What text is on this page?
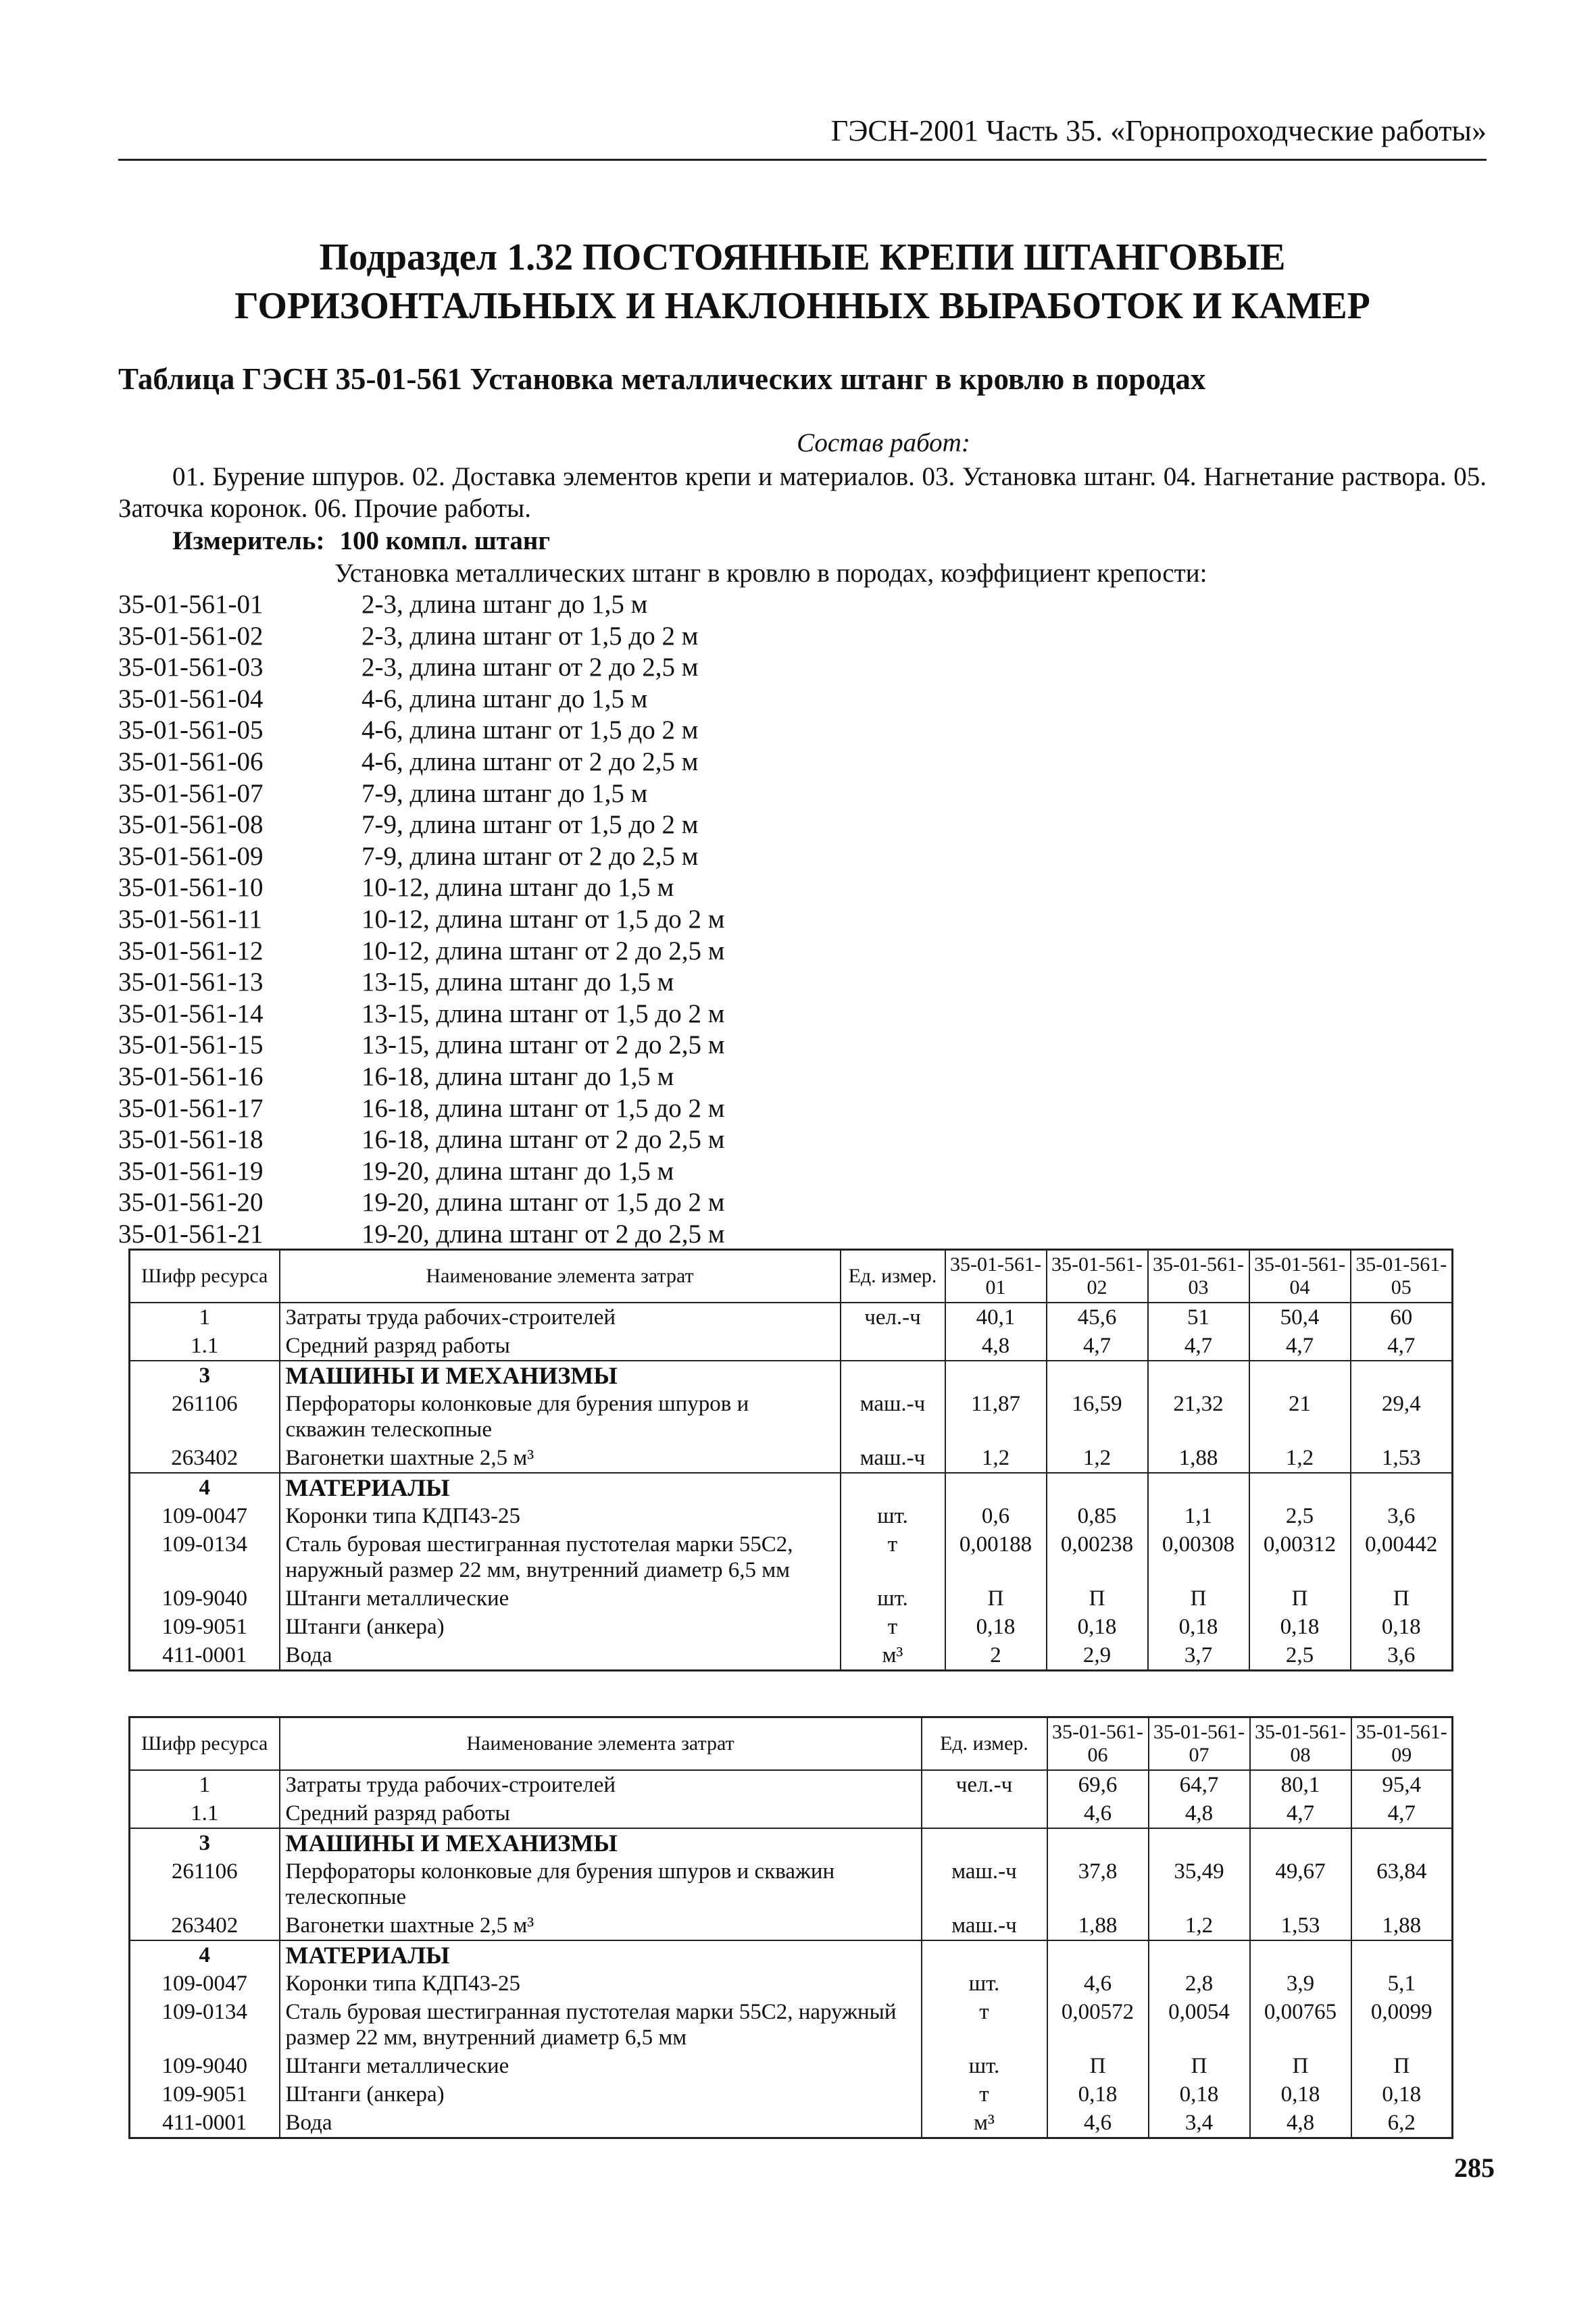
ГЭСН-2001 Часть 35. «Горнопроходческие работы»
Подраздел 1.32 ПОСТОЯННЫЕ КРЕПИ ШТАНГОВЫЕ
ГОРИЗОНТАЛЬНЫХ И НАКЛОННЫХ ВЫРАБОТОК И КАМЕР
Таблица ГЭСН 35-01-561 Установка металлических штанг в кровлю в породах
Состав работ:
01. Бурение шпуров. 02. Доставка элементов крепи и материалов. 03. Установка штанг. 04. Нагнетание раствора. 05. Заточка коронок. 06. Прочие работы.
Измеритель: 100 компл. штанг
Установка металлических штанг в кровлю в породах, коэффициент крепости:
35-01-561-01	2-3, длина штанг до 1,5 м
35-01-561-02	2-3, длина штанг от 1,5 до 2 м
35-01-561-03	2-3, длина штанг от 2 до 2,5 м
35-01-561-04	4-6, длина штанг до 1,5 м
35-01-561-05	4-6, длина штанг от 1,5 до 2 м
35-01-561-06	4-6, длина штанг от 2 до 2,5 м
35-01-561-07	7-9, длина штанг до 1,5 м
35-01-561-08	7-9, длина штанг от 1,5 до 2 м
35-01-561-09	7-9, длина штанг от 2 до 2,5 м
35-01-561-10	10-12, длина штанг до 1,5 м
35-01-561-11	10-12, длина штанг от 1,5 до 2 м
35-01-561-12	10-12, длина штанг от 2 до 2,5 м
35-01-561-13	13-15, длина штанг до 1,5 м
35-01-561-14	13-15, длина штанг от 1,5 до 2 м
35-01-561-15	13-15, длина штанг от 2 до 2,5 м
35-01-561-16	16-18, длина штанг до 1,5 м
35-01-561-17	16-18, длина штанг от 1,5 до 2 м
35-01-561-18	16-18, длина штанг от 2 до 2,5 м
35-01-561-19	19-20, длина штанг до 1,5 м
35-01-561-20	19-20, длина штанг от 1,5 до 2 м
35-01-561-21	19-20, длина штанг от 2 до 2,5 м
Шифр ресурса	Наименование элемента затрат	Ед. измер.	35-01-561-01	35-01-561-02	35-01-561-03	35-01-561-04	35-01-561-05
1	Затраты труда рабочих-строителей	чел.-ч	40,1	45,6	51	50,4	60
1.1	Средний разряд работы		4,8	4,7	4,7	4,7	4,7
3	МАШИНЫ И МЕХАНИЗМЫ						
261106	Перфораторы колонковые для бурения шпуров и скважин телескопные	маш.-ч	11,87	16,59	21,32	21	29,4
263402	Вагонетки шахтные 2,5 м³	маш.-ч	1,2	1,2	1,88	1,2	1,53
4	МАТЕРИАЛЫ						
109-0047	Коронки типа КДП43-25	шт.	0,6	0,85	1,1	2,5	3,6
109-0134	Сталь буровая шестигранная пустотелая марки 55С2, наружный размер 22 мм, внутренний диаметр 6,5 мм	т	0,00188	0,00238	0,00308	0,00312	0,00442
109-9040	Штанги металлические	шт.	П	П	П	П	П
109-9051	Штанги (анкера)	т	0,18	0,18	0,18	0,18	0,18
411-0001	Вода	м³	2	2,9	3,7	2,5	3,6
Шифр ресурса	Наименование элемента затрат	Ед. измер.	35-01-561-06	35-01-561-07	35-01-561-08	35-01-561-09
1	Затраты труда рабочих-строителей	чел.-ч	69,6	64,7	80,1	95,4
1.1	Средний разряд работы		4,6	4,8	4,7	4,7
3	МАШИНЫ И МЕХАНИЗМЫ					
261106	Перфораторы колонковые для бурения шпуров и скважин телескопные	маш.-ч	37,8	35,49	49,67	63,84
263402	Вагонетки шахтные 2,5 м³	маш.-ч	1,88	1,2	1,53	1,88
4	МАТЕРИАЛЫ					
109-0047	Коронки типа КДП43-25	шт.	4,6	2,8	3,9	5,1
109-0134	Сталь буровая шестигранная пустотелая марки 55С2, наружный размер 22 мм, внутренний диаметр 6,5 мм	т	0,00572	0,0054	0,00765	0,0099
109-9040	Штанги металлические	шт.	П	П	П	П
109-9051	Штанги (анкера)	т	0,18	0,18	0,18	0,18
411-0001	Вода	м³	4,6	3,4	4,8	6,2
285
